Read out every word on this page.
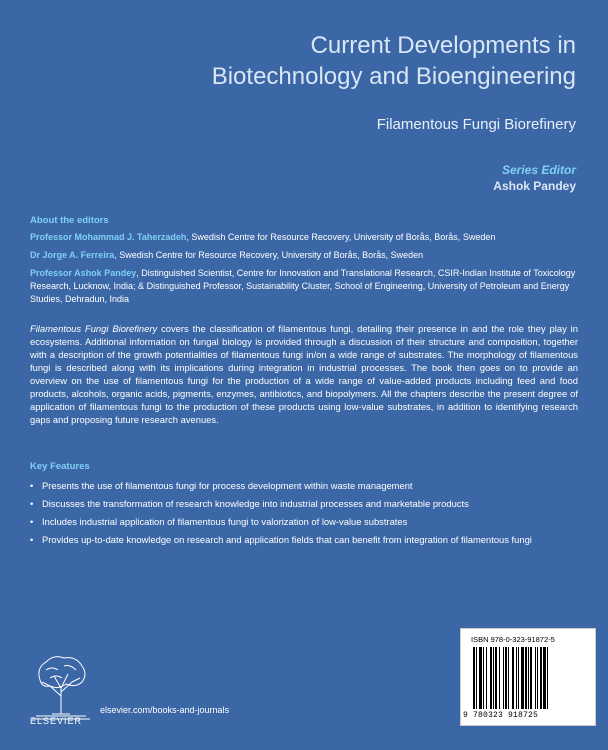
Current Developments in
Biotechnology and Bioengineering

Filamentous Fungi Biorefinery

Series Editor
Ashok Pandey
About the editors

Professor Mohammad J. Taherzadeh, Swedish Centre for Resource Recovery, University of Borås, Borås, Sweden

Dr Jorge A. Ferreira, Swedish Centre for Resource Recovery, University of Borås, Borås, Sweden

Professor Ashok Pandey, Distinguished Scientist, Centre for Innovation and Translational Research, CSIR-Indian Institute of Toxicology Research, Lucknow, India; & Distinguished Professor, Sustainability Cluster, School of Engineering, University of Petroleum and Energy Studies, Dehradun, India

Filamentous Fungi Biorefinery covers the classification of filamentous fungi, detailing their presence in and the role they play in ecosystems. Additional information on fungal biology is provided through a discussion of their structure and composition, together with a description of the growth potentialities of filamentous fungi in/on a wide range of substrates. The morphology of filamentous fungi is described along with its implications during integration in industrial processes. The book then goes on to provide an overview on the use of filamentous fungi for the production of a wide range of value-added products including feed and food products, alcohols, organic acids, pigments, enzymes, antibiotics, and biopolymers. All the chapters describe the present degree of application of filamentous fungi to the production of these products using low-value substrates, in addition to identifying research gaps and proposing future research avenues.

Key Features
• Presents the use of filamentous fungi for process development within waste management
• Discusses the transformation of research knowledge into industrial processes and marketable products
• Includes industrial application of filamentous fungi to valorization of low-value substrates
• Provides up-to-date knowledge on research and application fields that can benefit from integration of filamentous fungi
ELSEVIER
elsevier.com/books-and-journals
ISBN 978-0-323-91872-5
9 780323 918725
